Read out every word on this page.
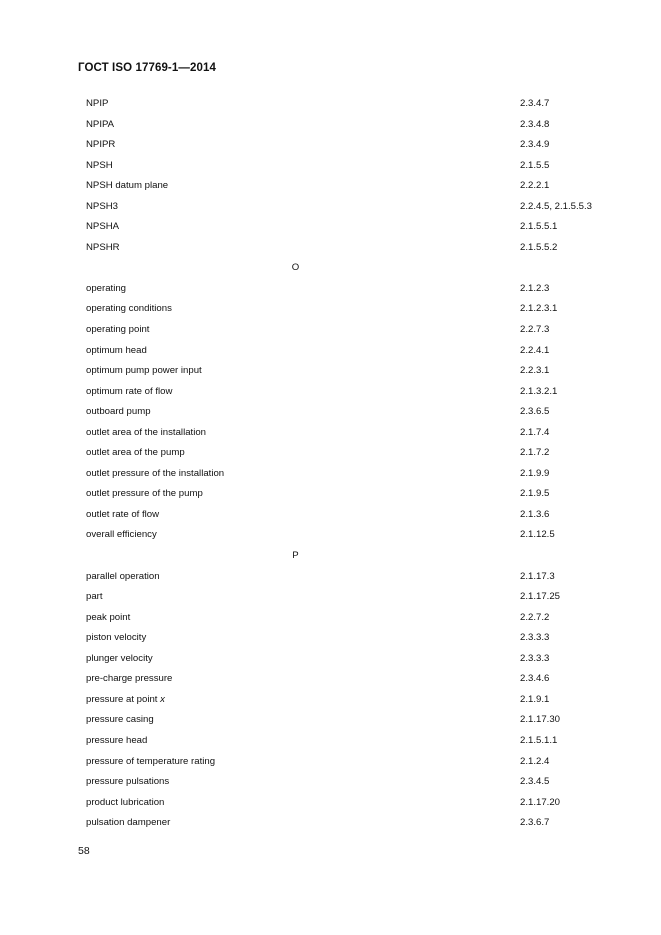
ГОСТ ISO 17769-1—2014
NPIP	2.3.4.7
NPIPA	2.3.4.8
NPIPR	2.3.4.9
NPSH	2.1.5.5
NPSH datum plane	2.2.2.1
NPSH3	2.2.4.5, 2.1.5.5.3
NPSHA	2.1.5.5.1
NPSHR	2.1.5.5.2
O
operating	2.1.2.3
operating conditions	2.1.2.3.1
operating point	2.2.7.3
optimum head	2.2.4.1
optimum pump power input	2.2.3.1
optimum rate of flow	2.1.3.2.1
outboard pump	2.3.6.5
outlet area of the installation	2.1.7.4
outlet area of the pump	2.1.7.2
outlet pressure of the installation	2.1.9.9
outlet pressure of the pump	2.1.9.5
outlet rate of flow	2.1.3.6
overall efficiency	2.1.12.5
P
parallel operation	2.1.17.3
part	2.1.17.25
peak point	2.2.7.2
piston velocity	2.3.3.3
plunger velocity	2.3.3.3
pre-charge pressure	2.3.4.6
pressure at point x	2.1.9.1
pressure casing	2.1.17.30
pressure head	2.1.5.1.1
pressure of temperature rating	2.1.2.4
pressure pulsations	2.3.4.5
product lubrication	2.1.17.20
pulsation dampener	2.3.6.7
58
